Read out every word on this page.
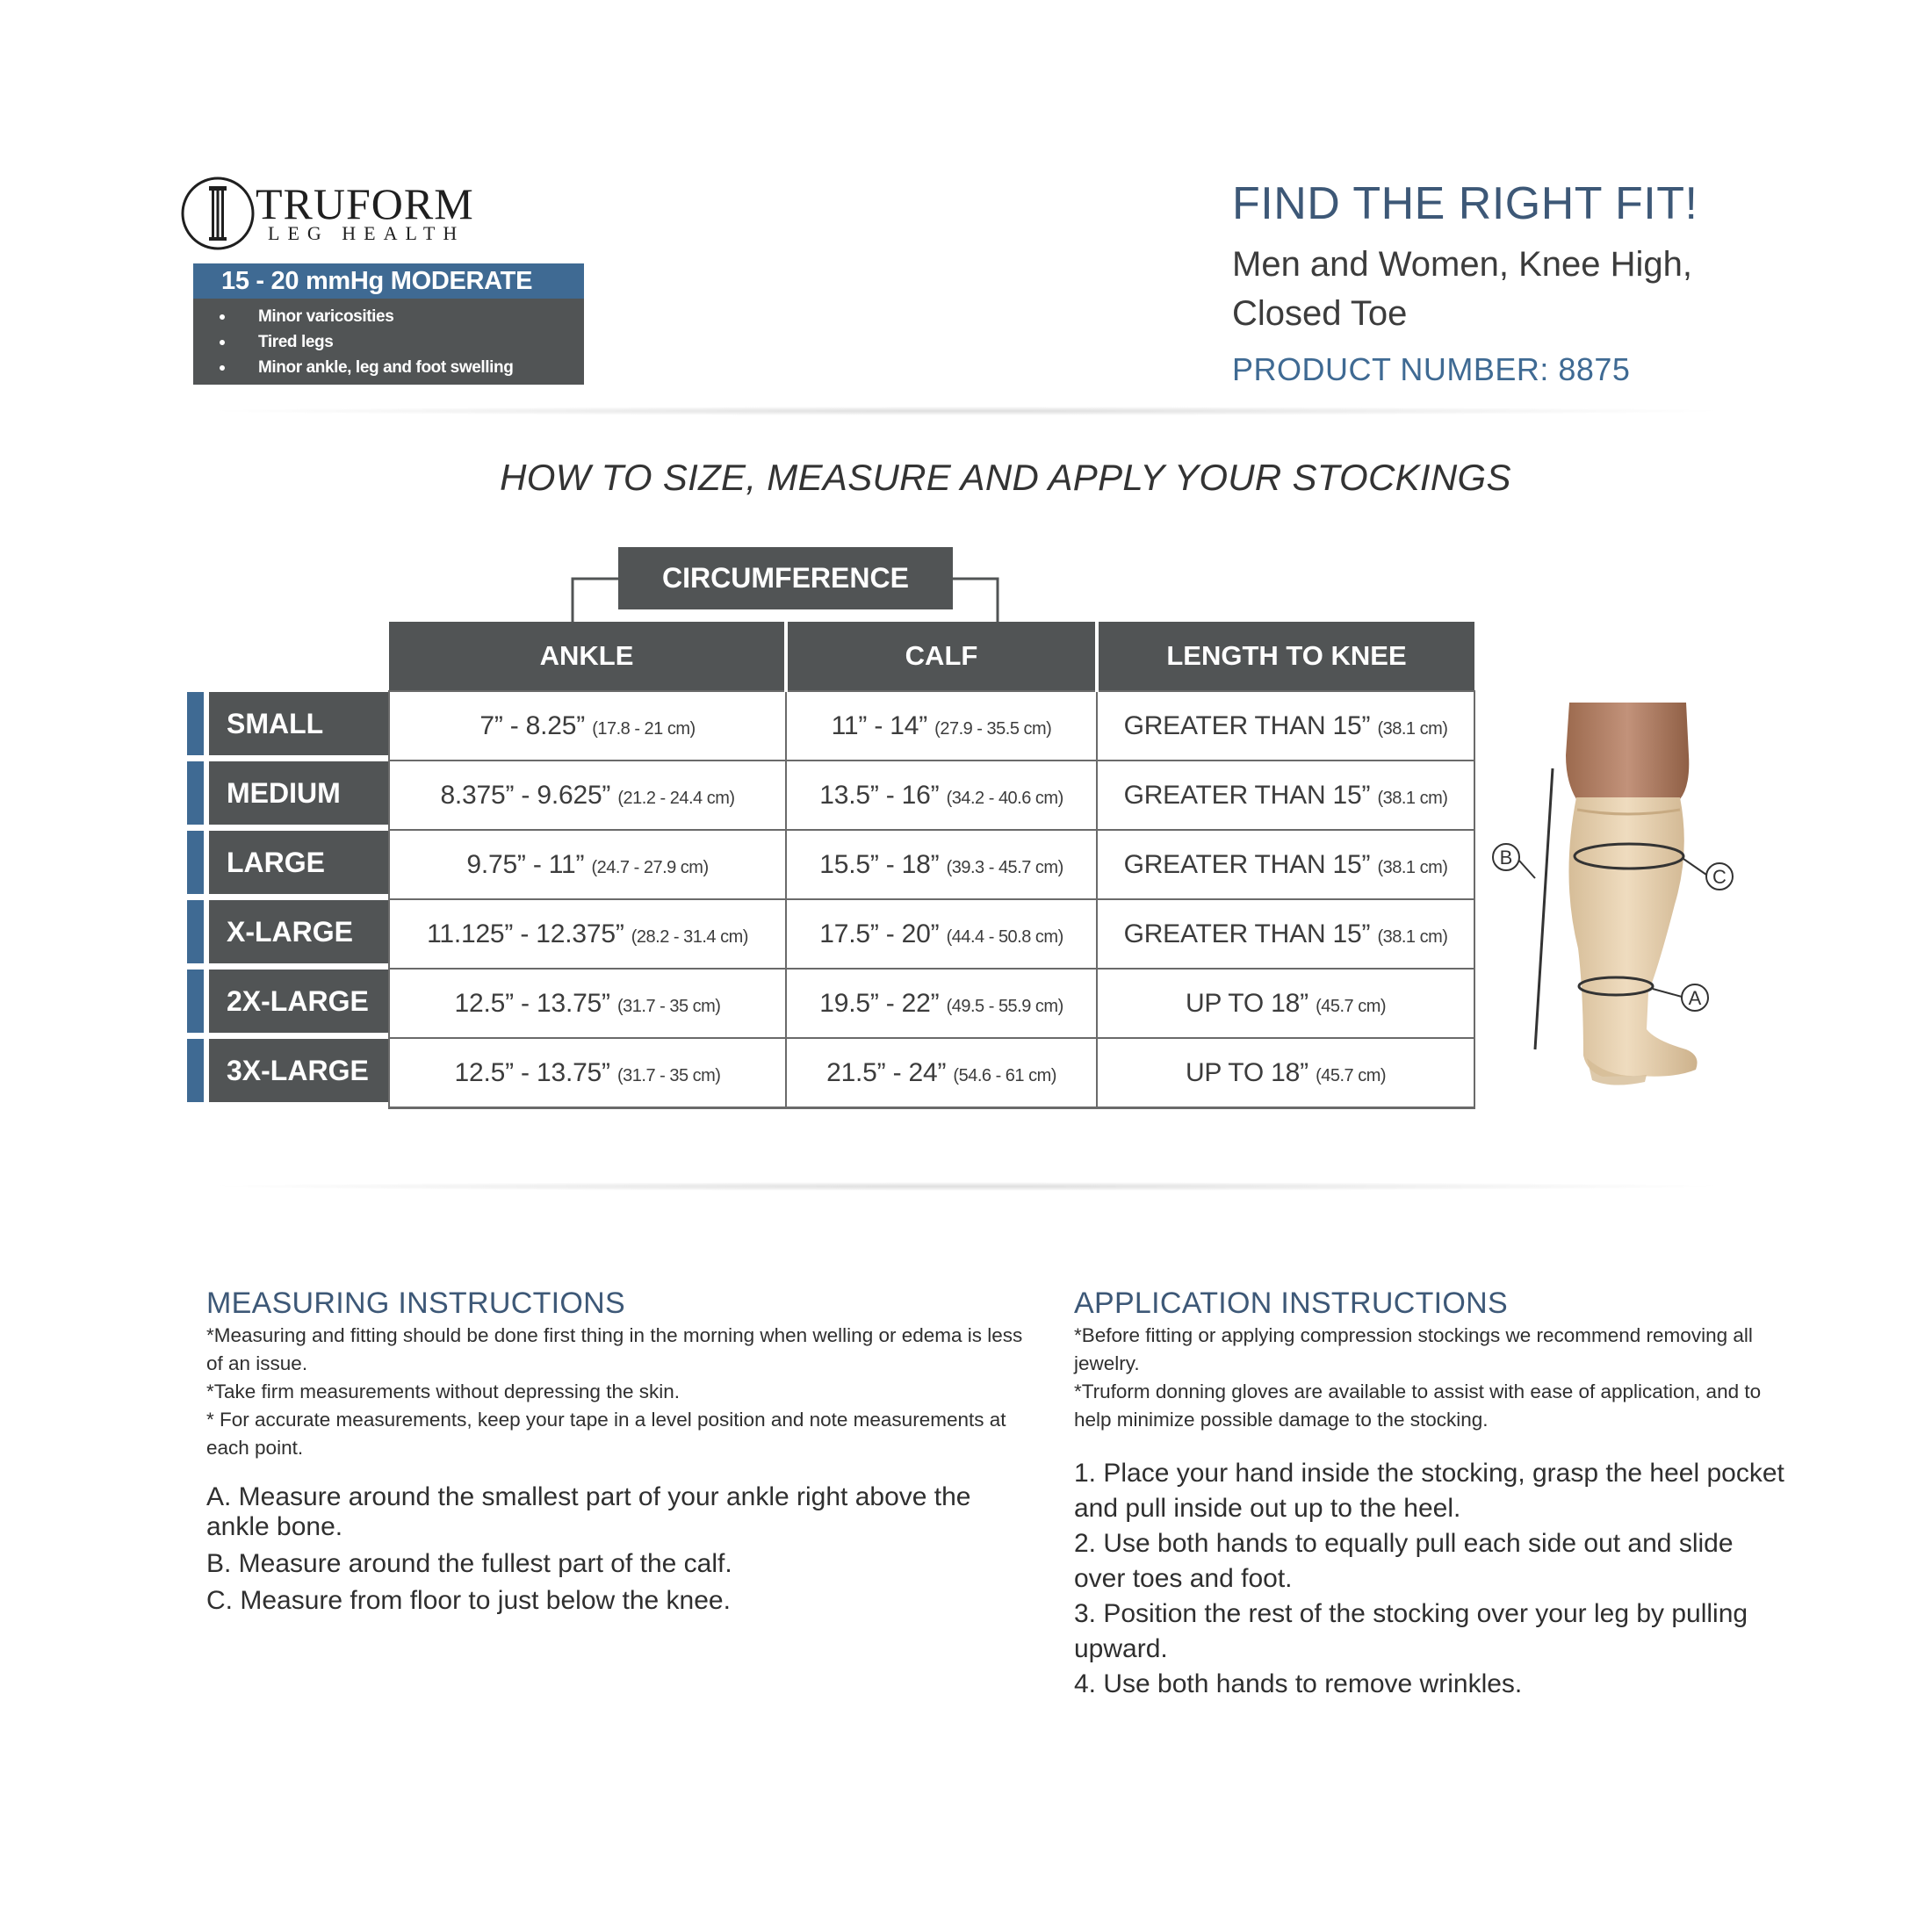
TRUFORM
LEG HEALTH
15 - 20 mmHg MODERATE
Minor varicosities
Tired legs
Minor ankle, leg and foot swelling
FIND THE RIGHT FIT!
Men and Women, Knee High, Closed Toe
PRODUCT NUMBER: 8875
HOW TO SIZE, MEASURE AND APPLY YOUR STOCKINGS
CIRCUMFERENCE
	ANKLE	CALF	LENGTH TO KNEE

SMALL	7” - 8.25” (17.8 - 21 cm)	11” - 14” (27.9 - 35.5 cm)	GREATER THAN 15” (38.1 cm)

MEDIUM	8.375” - 9.625” (21.2 - 24.4 cm)	13.5” - 16” (34.2 - 40.6 cm)	GREATER THAN 15” (38.1 cm)

LARGE	9.75” - 11” (24.7 - 27.9 cm)	15.5” - 18” (39.3 - 45.7 cm)	GREATER THAN 15” (38.1 cm)

X-LARGE	11.125” - 12.375” (28.2 - 31.4 cm)	17.5” - 20” (44.4 - 50.8 cm)	GREATER THAN 15” (38.1 cm)

2X-LARGE	12.5” - 13.75” (31.7 - 35 cm)	19.5” - 22” (49.5 - 55.9 cm)	UP TO 18” (45.7 cm)

3X-LARGE	12.5” - 13.75” (31.7 - 35 cm)	21.5” - 24” (54.6 - 61 cm)	UP TO 18” (45.7 cm)
B
C
A
MEASURING INSTRUCTIONS

*Measuring and fitting should be done first thing in the morning when welling or edema is less of an issue.

*Take firm measurements without depressing the skin.

* For accurate measurements, keep your tape in a level position and note measurements at each point.

A. Measure around the smallest part of your ankle right above the ankle bone.

B. Measure around the fullest part of the calf.

C. Measure from floor to just below the knee.

APPLICATION INSTRUCTIONS

*Before fitting or applying compression stockings we recommend removing all jewelry.

*Truform donning gloves are available to assist with ease of application, and to help minimize possible damage to the stocking.

1. Place your hand inside the stocking, grasp the heel pocket and pull inside out up to the heel.

2. Use both hands to equally pull each side out and slide over toes and foot.

3. Position the rest of the stocking over your leg by pulling upward.

4. Use both hands to remove wrinkles.
